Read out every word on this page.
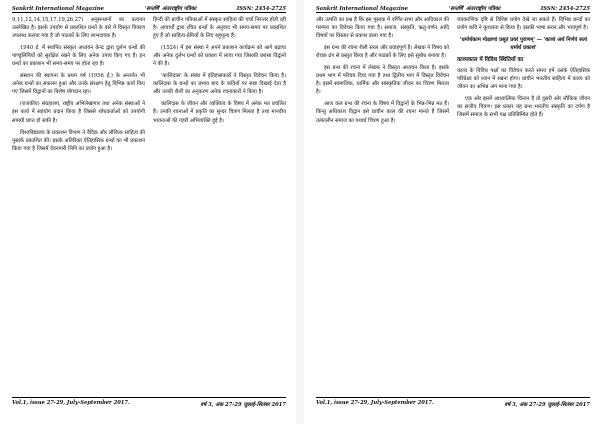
Sankrit International Magazine	'सप्तर्षि' अंतरराष्ट्रीय पत्रिका	ISSN: 2454-2725

9,11,12,14,15,17,19,26,27) अनुसन्धानों का प्रत्ययन उल्लेखित है। इसके उपयोग से प्रकाशित ग्रन्थों के बारे में विस्तृत विवरण उपलब्ध कराया गया है जो पाठकों के लिए लाभदायक है।

1940 ई. में स्थापित संस्कृत अध्ययन केन्द्र द्वारा दुर्लभ ग्रन्थों की पाण्डुलिपियों को सुरक्षित रखने के लिए अनेक उपाय किए गए हैं। इन ग्रन्थों का प्रकाशन भी समय-समय पर होता रहा है।

संस्थान की स्थापना के प्रथम वर्ष (1956 ई.) के अन्तर्गत भी अनेक ग्रन्थों का संकलन हुआ और उनके संरक्षण हेतु विभिन्न कार्य किए गए जिसमें विद्वानों का विशेष योगदान रहा।

(राजकीय) संग्रहालय, राष्ट्रीय अभिलेखागार तथा अनेक संस्थाओं ने इस कार्य में सहयोग प्रदान किया है जिससे शोधकर्ताओं को उपयोगी सामग्री प्राप्त हो सकी है।

विश्वविद्यालय के प्रकाशन विभाग ने वैदिक और लौकिक साहित्य की पुस्तकें प्रकाशित कीं। इसके अतिरिक्त ऐतिहासिक ग्रन्थों का भी प्रकाशन किया गया है जिसमें देवनागरी लिपि का प्रयोग हुआ है।

हिन्दी की प्राचीन पत्रिकाओं में संस्कृत साहित्य की चर्चा निरन्तर होती रही है। आचार्यों द्वारा रचित ग्रन्थों के अनुवाद भी समय-समय पर प्रकाशित हुए हैं जो साहित्य-प्रेमियों के लिए बहुमूल्य हैं।

(1524) में इस संस्था ने अपने प्रकाशन कार्यक्रम को आगे बढ़ाया और अनेक दुर्लभ ग्रन्थों को प्रकाश में लाया गया जिसकी प्रशंसा विद्वानों ने की है।

'कालिदास' के संबंध में इतिहासकारों ने विस्तृत विवेचन किया है। कालिदास के ग्रन्थों का प्रभाव बाद के कवियों पर स्पष्ट दिखाई देता है और उनकी शैली का अनुकरण अनेक रचनाकारों ने किया है।

कालिदास के जीवन और व्यक्तित्व के विषय में अनेक मत प्रचलित हैं। उनकी रचनाओं में प्रकृति का सुन्दर चित्रण मिलता है तथा मानवीय भावनाओं की गहरी अभिव्यक्ति हुई है।

Vol.1, issue 27-29, July-September 2017.	वर्ष 3, अंक 27-29 जुलाई-सितंबर 2017
Sankrit International Magazine	'सप्तर्षि' अंतरराष्ट्रीय पत्रिका	ISSN: 2454-2725

और उत्पत्ति का प्रश्न है कि इस पुस्तक में वर्णित सभा और आदिकाल की परम्परा का विवेचन किया गया है। समाज, संस्कृति, ऋतु-वर्णन आदि विषयों पर विस्तार से प्रकाश डाला गया है।

इस ग्रन्थ की रचना शैली सरल और प्रवाहपूर्ण है। लेखक ने विषय को रोचक ढंग से प्रस्तुत किया है और पाठकों के लिए इसे सुबोध बनाया है।

इस ग्रन्थ की रचना में लेखक ने विस्तृत अध्ययन किया है। इसके प्रथम भाग में परिचय दिया गया है तथा द्वितीय भाग में विस्तृत विवेचन है। इसमें सामाजिक, धार्मिक और सांस्कृतिक जीवन का चित्रण मिलता है।

आज कल ग्रन्थ की रचना के विषय में विद्वानों के भिन्न-भिन्न मत हैं। किन्तु अधिकांश विद्वान इसे प्राचीन काल की रचना मानते हैं जिसमें तत्कालीन समाज का यथार्थ चित्रण हुआ है।

व्याकरणिक दृष्टि से विशिष्ट प्रयोग देखे जा सकते हैं। विभिन्न छन्दों का प्रयोग कवि ने कुशलता से किया है। इसकी भाषा सरल और भावपूर्ण है।

'धर्मार्थकाम मोक्षाणां प्रसूतं प्रवरं पुराणम्' — 'काव्यं अर्थ निर्णयं सत्यं धर्मार्थ प्रकाशं'

काव्यकाल में विविध स्थितियों का

काव्य के विविध पक्षों का विवेचन करते समय हमें उसके ऐतिहासिक परिप्रेक्ष्य को ध्यान में रखना होगा। प्राचीन भारतीय साहित्य में काव्य को जीवन का अभिन्न अंग माना गया है।

एक ओर इसमें आध्यात्मिक चिन्तन है तो दूसरी ओर लौकिक जीवन का सजीव चित्रण। इस प्रकार यह ग्रन्थ भारतीय संस्कृति का दर्पण है जिसमें समाज के सभी पक्ष प्रतिबिम्बित होते हैं।

Vol.1, issue 27-29, July-September 2017.	वर्ष 3, अंक 27-29 जुलाई-सितंबर 2017
